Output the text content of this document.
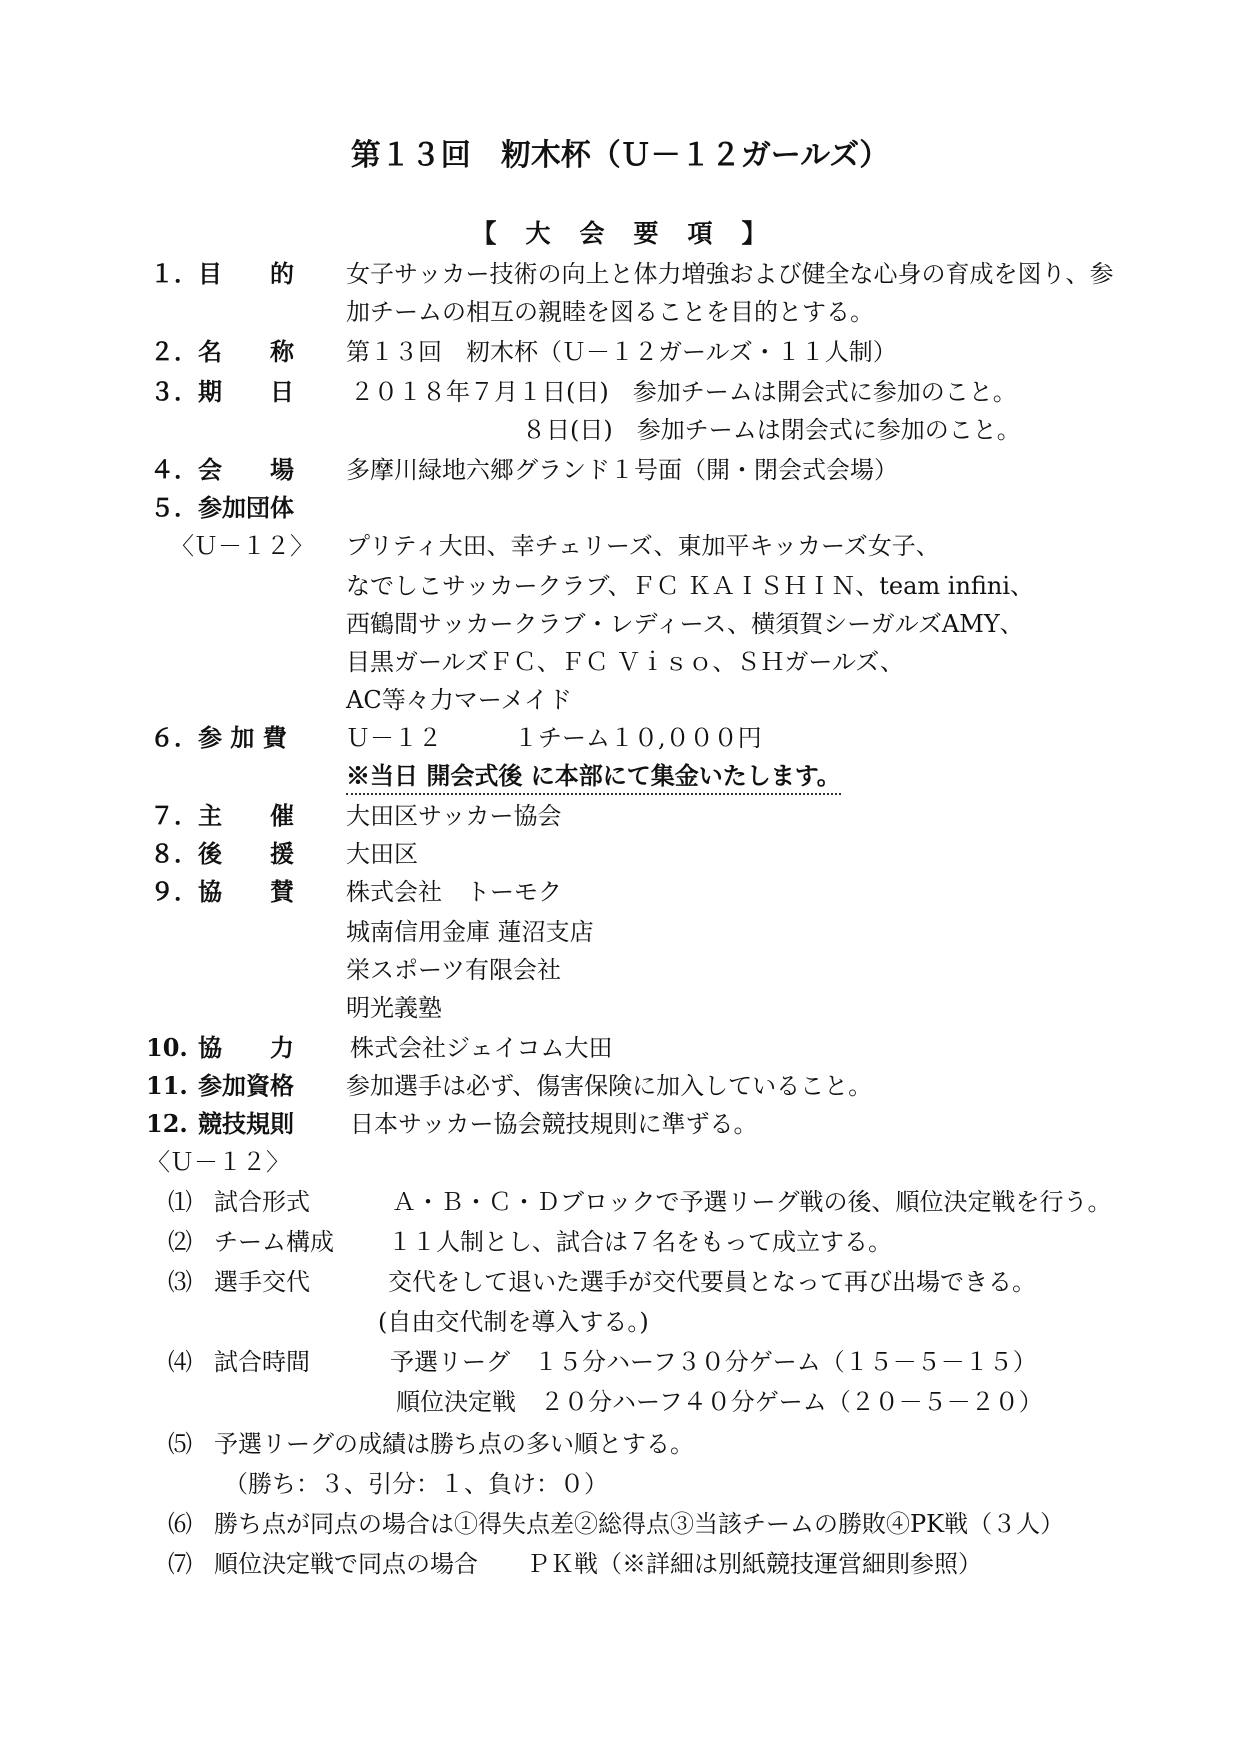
第１３回　籾木杯（Ｕ－１２ガールズ）
【　大　会　要　項　】
１． 目　　的 女子サッカー技術の向上と体力増強および健全な心身の育成を図り、参
加チームの相互の親睦を図ることを目的とする。
２． 名　　称 第１３回　籾木杯（Ｕ－１２ガールズ・１１人制）
３． 期　　日 ２０１８年７月１日(日)　参加チームは開会式に参加のこと。
８日(日)　参加チームは閉会式に参加のこと。
４． 会　　場 多摩川緑地六郷グランド１号面（開・閉会式会場）
５． 参加団体
〈Ｕ－１２〉 プリティ大田、幸チェリーズ、東加平キッカーズ女子、
なでしこサッカークラブ、ＦＣ ＫＡＩＳＨＩＮ、team infini、
西鶴間サッカークラブ・レディース、横須賀シーガルズAMY、
目黒ガールズＦＣ、ＦＣ Ｖｉｓｏ、ＳＨガールズ、
AC等々力マーメイド
６． 参 加 費 Ｕ－１２　　　１チーム１０,０００円
※当日 開会式後 に本部にて集金いたします。
７． 主　　催 大田区サッカー協会
８． 後　　援 大田区
９． 協　　賛 株式会社　トーモク
城南信用金庫 蓮沼支店
栄スポーツ有限会社
明光義塾
10. 協　　力 株式会社ジェイコム大田
11. 参加資格 参加選手は必ず、傷害保険に加入していること。
12. 競技規則 日本サッカー協会競技規則に準ずる。
〈Ｕ－１２〉
⑴ 試合形式	Ａ・Ｂ・Ｃ・Ｄブロックで予選リーグ戦の後、順位決定戦を行う。
⑵ チーム構成 １１人制とし、試合は７名をもって成立する。
⑶ 選手交代	交代をして退いた選手が交代要員となって再び出場できる。
(自由交代制を導入する。)
⑷ 試合時間	予選リーグ　１５分ハーフ３０分ゲーム（１５－５－１５）
順位決定戦　２０分ハーフ４０分ゲーム（２０－５－２０）
⑸ 予選リーグの成績は勝ち点の多い順とする。
（勝ち：３、引分：１、負け：０）
⑹ 勝ち点が同点の場合は①得失点差②総得点③当該チームの勝敗④PK戦（３人）
⑺ 順位決定戦で同点の場合　　ＰＫ戦（※詳細は別紙競技運営細則参照）
